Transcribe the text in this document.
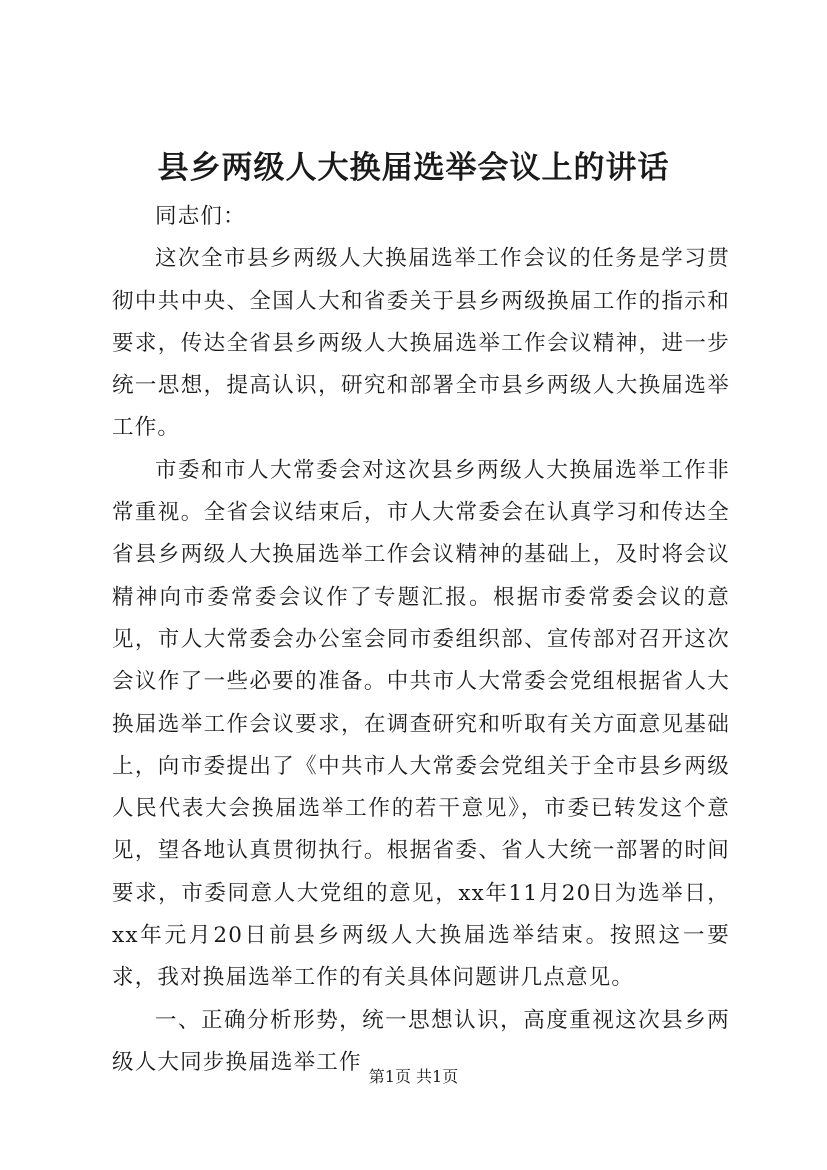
县乡两级人大换届选举会议上的讲话

同志们：

这次全市县乡两级人大换届选举工作会议的任务是学习贯彻中共中央、全国人大和省委关于县乡两级换届工作的指示和要求，传达全省县乡两级人大换届选举工作会议精神，进一步统一思想，提高认识，研究和部署全市县乡两级人大换届选举工作。

市委和市人大常委会对这次县乡两级人大换届选举工作非常重视。全省会议结束后，市人大常委会在认真学习和传达全省县乡两级人大换届选举工作会议精神的基础上，及时将会议精神向市委常委会议作了专题汇报。根据市委常委会议的意见，市人大常委会办公室会同市委组织部、宣传部对召开这次会议作了一些必要的准备。中共市人大常委会党组根据省人大换届选举工作会议要求，在调查研究和听取有关方面意见基础上，向市委提出了《中共市人大常委会党组关于全市县乡两级人民代表大会换届选举工作的若干意见》，市委已转发这个意见，望各地认真贯彻执行。根据省委、省人大统一部署的时间要求，市委同意人大党组的意见，xx年11月20日为选举日，xx年元月20日前县乡两级人大换届选举结束。按照这一要求，我对换届选举工作的有关具体问题讲几点意见。

一、正确分析形势，统一思想认识，高度重视这次县乡两级人大同步换届选举工作

第1页 共1页
